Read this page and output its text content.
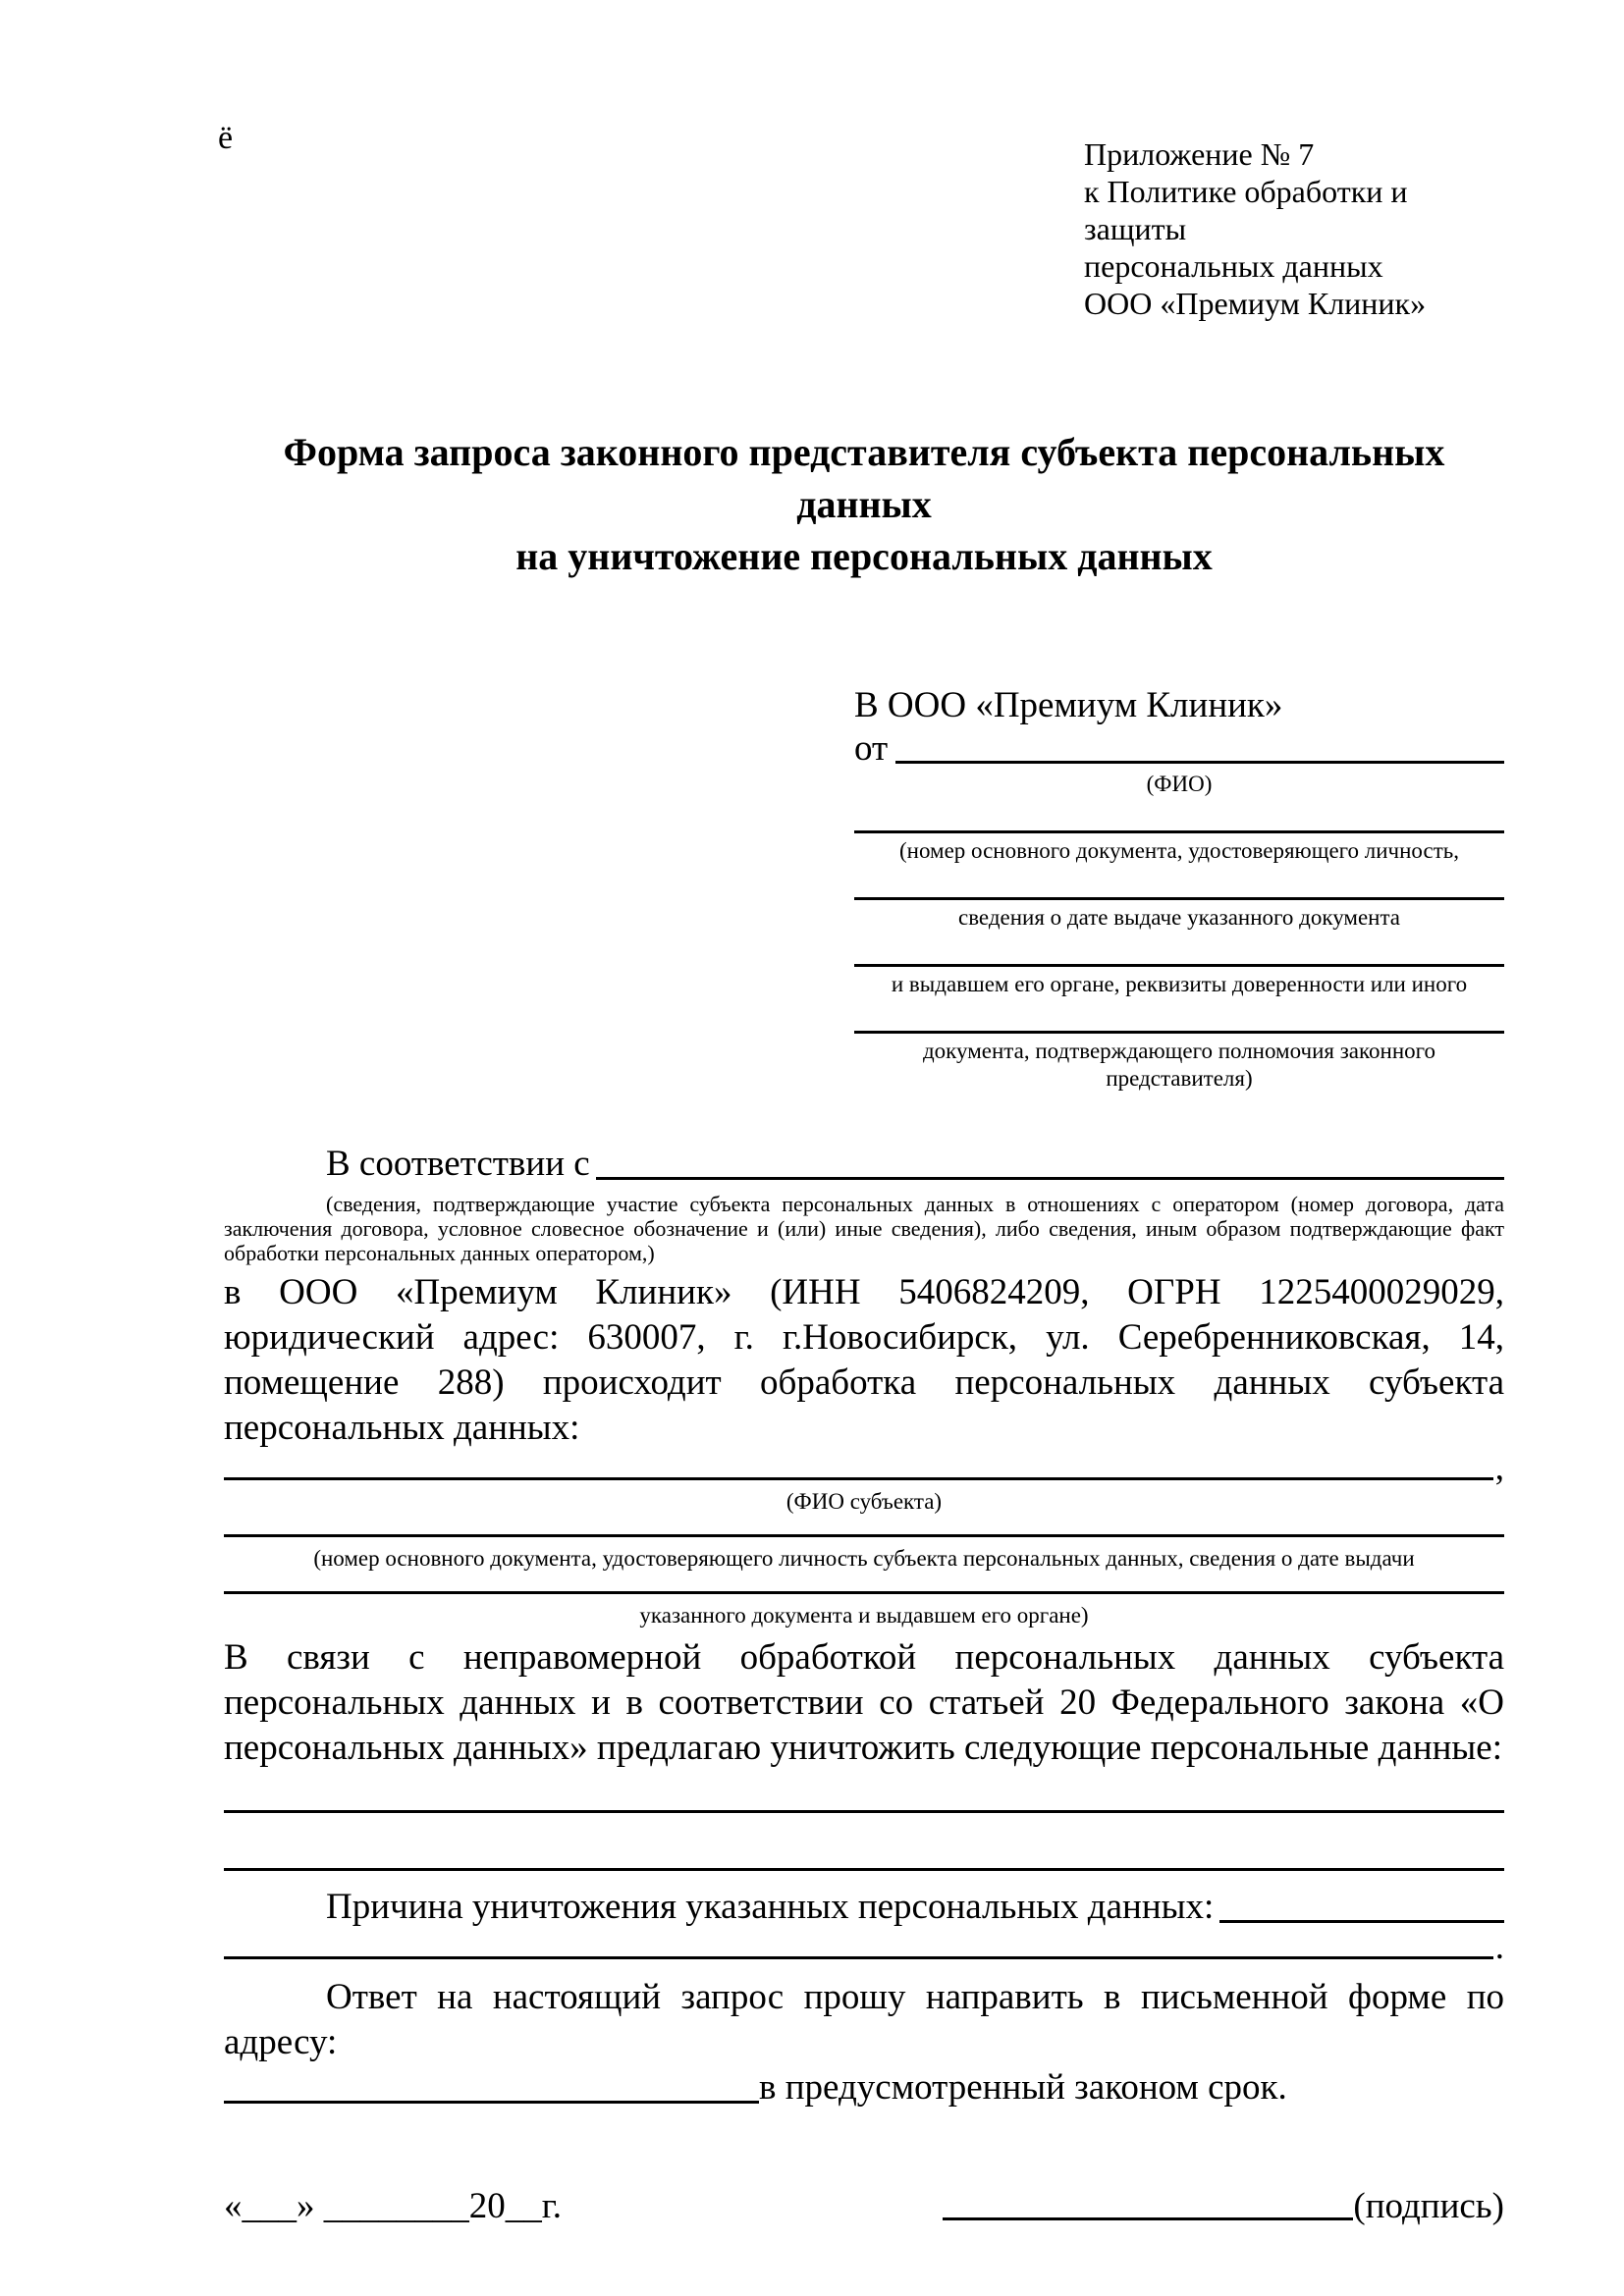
ё	Приложение № 7
к Политике обработки и защиты
персональных данных
ООО «Премиум Клиник»
Форма запроса законного представителя субъекта персональных данных
на уничтожение персональных данных
В ООО «Премиум Клиник»
от
(ФИО)
(номер основного документа, удостоверяющего личность,
сведения о дате выдаче указанного документа
и выдавшем его органе, реквизиты доверенности или иного
документа, подтверждающего полномочия законного представителя)
В соответствии с
(сведения, подтверждающие участие субъекта персональных данных в отношениях с оператором (номер договора, дата заключения договора, условное словесное обозначение и (или) иные сведения), либо сведения, иным образом подтверждающие факт обработки персональных данных оператором,)

в ООО «Премиум Клиник» (ИНН 5406824209, ОГРН 1225400029029, юридический адрес: 630007, г. г.Новосибирск, ул. Серебренниковская, 14, помещение 288) происходит обработка персональных данных субъекта персональных данных:

,
(ФИО субъекта)
(номер основного документа, удостоверяющего личность субъекта персональных данных, сведения о дате выдачи
указанного документа и выдавшем его органе)

В связи с неправомерной обработкой персональных данных субъекта персональных данных и в соответствии со статьей 20 Федерального закона «О персональных данных» предлагаю уничтожить следующие персональные данные:

Причина уничтожения указанных персональных данных:
.
Ответ на настоящий запрос прошу направить в письменной форме по адресу:
в предусмотренный законом срок.
«___» ________20__г.	(подпись)
